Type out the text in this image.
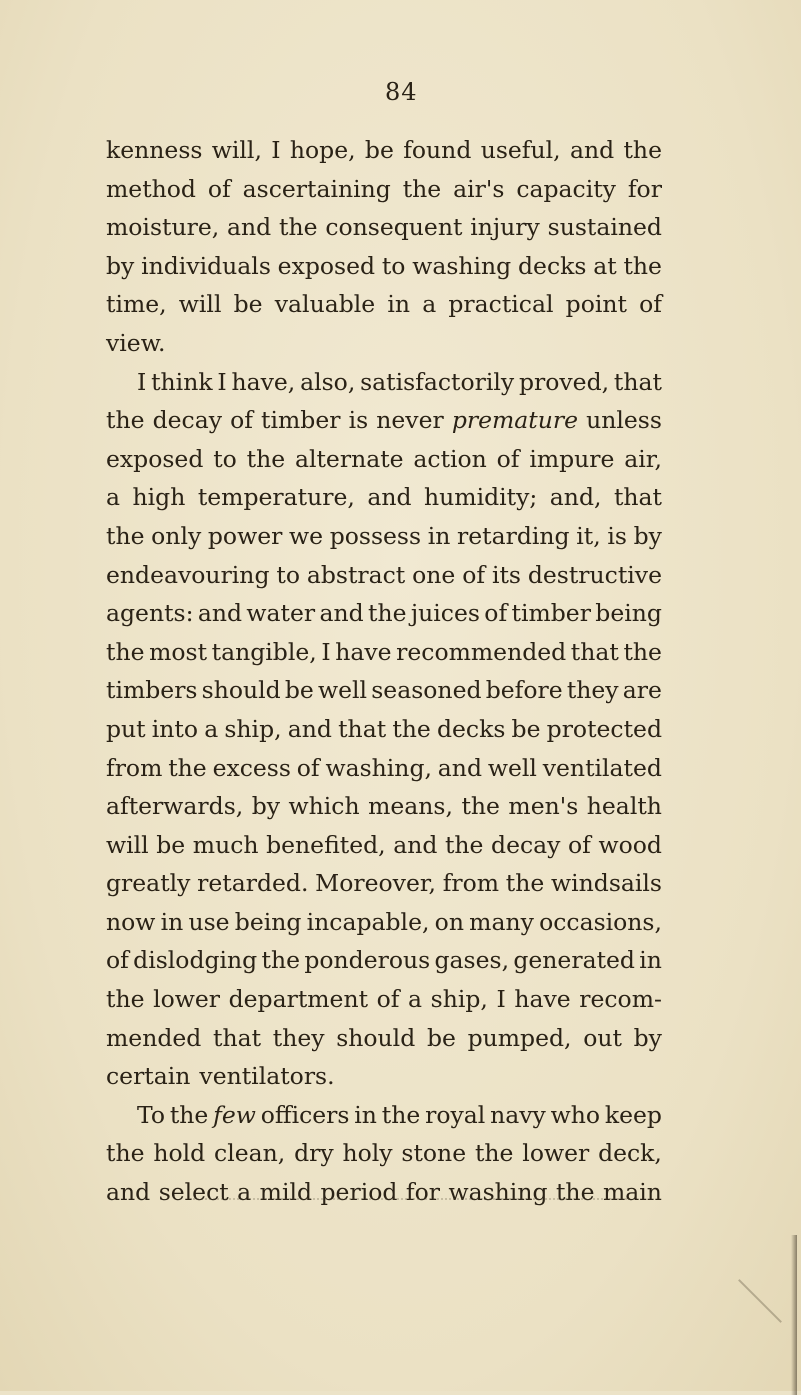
84
kenness will, I hope, be found useful, and the
method of ascertaining the air's capacity for
moisture, and the consequent injury sustained
by individuals exposed to washing decks at the
time, will be valuable in a practical point of
view.
I think I have, also, satisfactorily proved, that
the decay of timber is never premature unless
exposed to the alternate action of impure air,
a high temperature, and humidity; and, that
the only power we possess in retarding it, is by
endeavouring to abstract one of its destructive
agents: and water and the juices of timber being
the most tangible, I have recommended that the
timbers should be well seasoned before they are
put into a ship, and that the decks be protected
from the excess of washing, and well ventilated
afterwards, by which means, the men's health
will be much benefited, and the decay of wood
greatly retarded. Moreover, from the windsails
now in use being incapable, on many occasions,
of dislodging the ponderous gases, generated in
the lower department of a ship, I have recom-
mended that they should be pumped, out by
certain ventilators.
To the few officers in the royal navy who keep
the hold clean, dry holy stone the lower deck,
and select a mild period for washing the main
